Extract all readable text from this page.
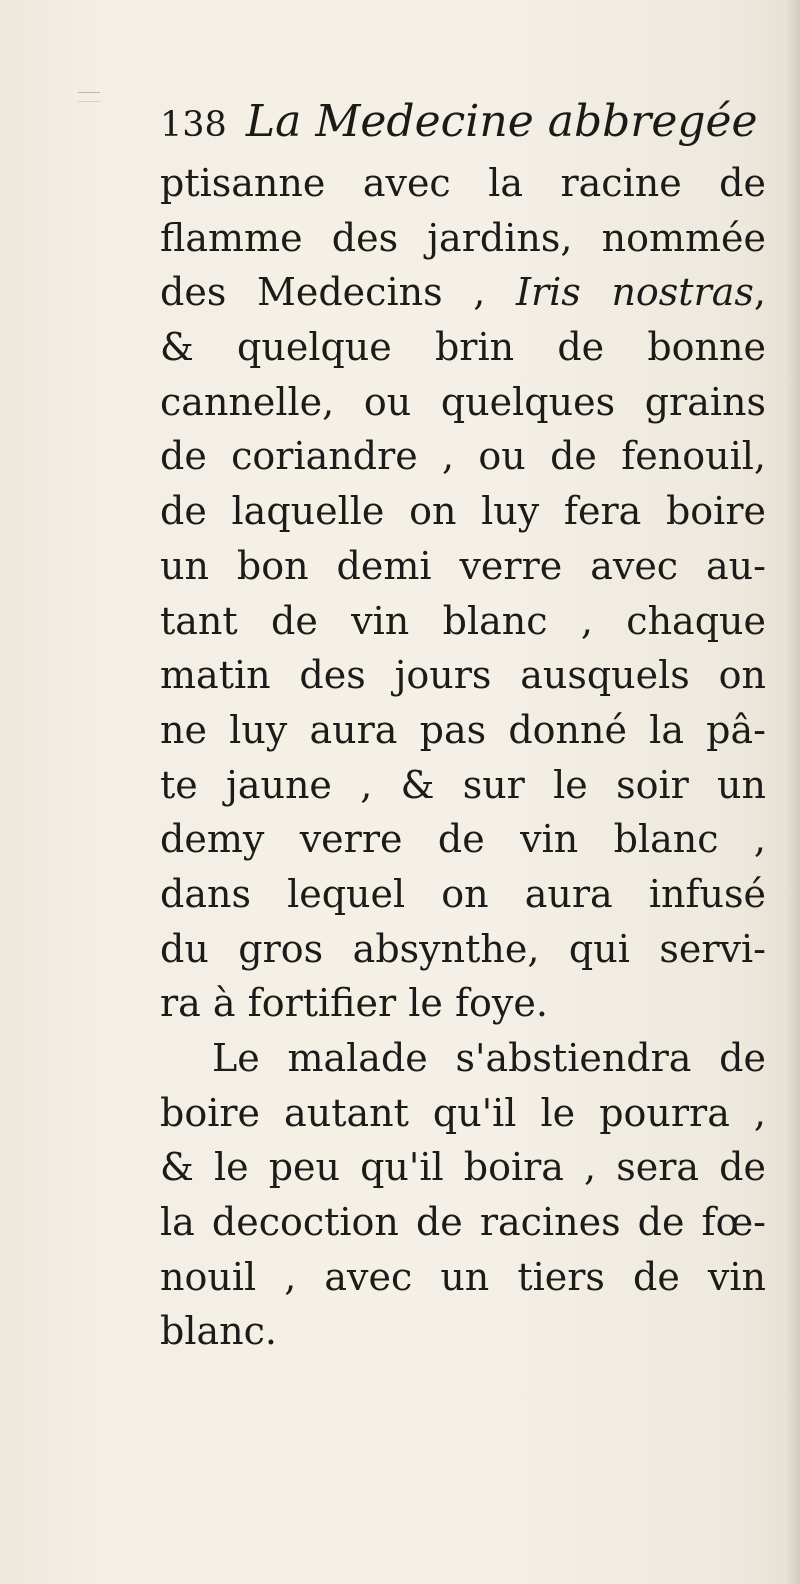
138 La Medecine abbregée
ptisanne avec la racine de
flamme des jardins, nommée
des Medecins , Iris nostras,
& quelque brin de bonne
cannelle, ou quelques grains
de coriandre , ou de fenouil,
de laquelle on luy fera boire
un bon demi verre avec au-
tant de vin blanc , chaque
matin des jours ausquels on
ne luy aura pas donné la pâ-
te jaune , & sur le soir un
demy verre de vin blanc ,
dans lequel on aura infusé
du gros absynthe, qui servi-
ra à fortifier le foye.
Le malade s'abstiendra de
boire autant qu'il le pourra ,
& le peu qu'il boira , sera de
la decoction de racines de fœ-
nouil , avec un tiers de vin
blanc.
